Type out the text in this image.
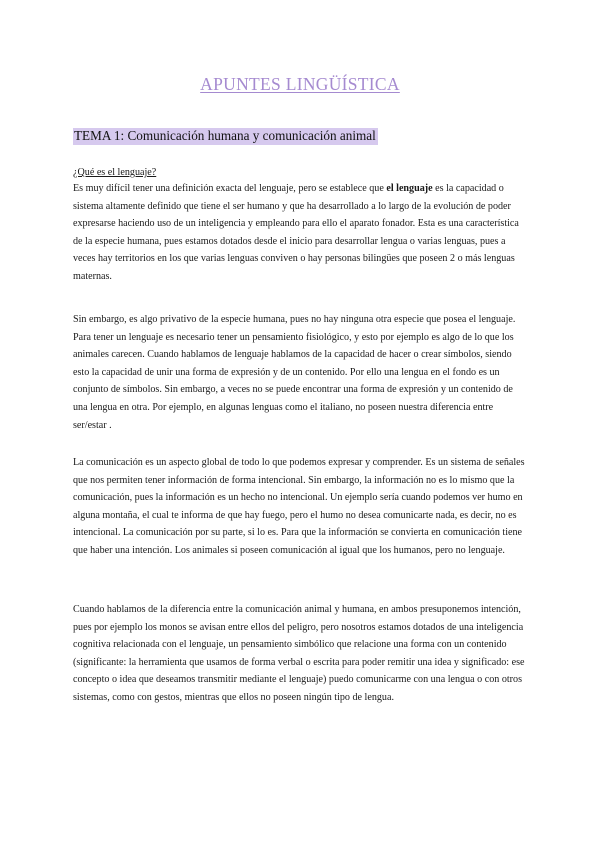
APUNTES LINGÜÍSTICA
TEMA 1: Comunicación humana y comunicación animal
¿Qué es el lenguaje?

Es muy difícil tener una definición exacta del lenguaje, pero se establece que el lenguaje es la capacidad o sistema altamente definido que tiene el ser humano y que ha desarrollado a lo largo de la evolución de poder expresarse haciendo uso de un inteligencia y empleando para ello el aparato fonador. Esta es una característica de la especie humana, pues estamos dotados desde el inicio para desarrollar lengua o varias lenguas, pues a veces hay territorios en los que varias lenguas conviven o hay personas bilingües que poseen 2 o más lenguas maternas.

Sin embargo, es algo privativo de la especie humana, pues no hay ninguna otra especie que posea el lenguaje. Para tener un lenguaje es necesario tener un pensamiento fisiológico, y esto por ejemplo es algo de lo que los animales carecen. Cuando hablamos de lenguaje hablamos de la capacidad de hacer o crear símbolos, siendo esto la capacidad de unir una forma de expresión y de un contenido. Por ello una lengua en el fondo es un conjunto de símbolos. Sin embargo, a veces no se puede encontrar una forma de expresión y un contenido de una lengua en otra. Por ejemplo, en algunas lenguas como el italiano, no poseen nuestra diferencia entre ser/estar .

La comunicación es un aspecto global de todo lo que podemos expresar y comprender. Es un sistema de señales que nos permiten tener información de forma intencional. Sin embargo, la información no es lo mismo que la comunicación, pues la información es un hecho no intencional. Un ejemplo sería cuando podemos ver humo en alguna montaña, el cual te informa de que hay fuego, pero el humo no desea comunicarte nada, es decir, no es intencional. La comunicación por su parte, si lo es. Para que la información se convierta en comunicación tiene que haber una intención. Los animales si poseen comunicación al igual que los humanos, pero no lenguaje.

Cuando hablamos de la diferencia entre la comunicación animal y humana, en ambos presuponemos intención, pues por ejemplo los monos se avisan entre ellos del peligro, pero nosotros estamos dotados de una inteligencia cognitiva relacionada con el lenguaje, un pensamiento simbólico que relacione una forma con un contenido (significante: la herramienta que usamos de forma verbal o escrita para poder remitir una idea y significado: ese concepto o idea que deseamos transmitir mediante el lenguaje) puedo comunicarme con una lengua o con otros sistemas, como con gestos, mientras que ellos no poseen ningún tipo de lengua.
